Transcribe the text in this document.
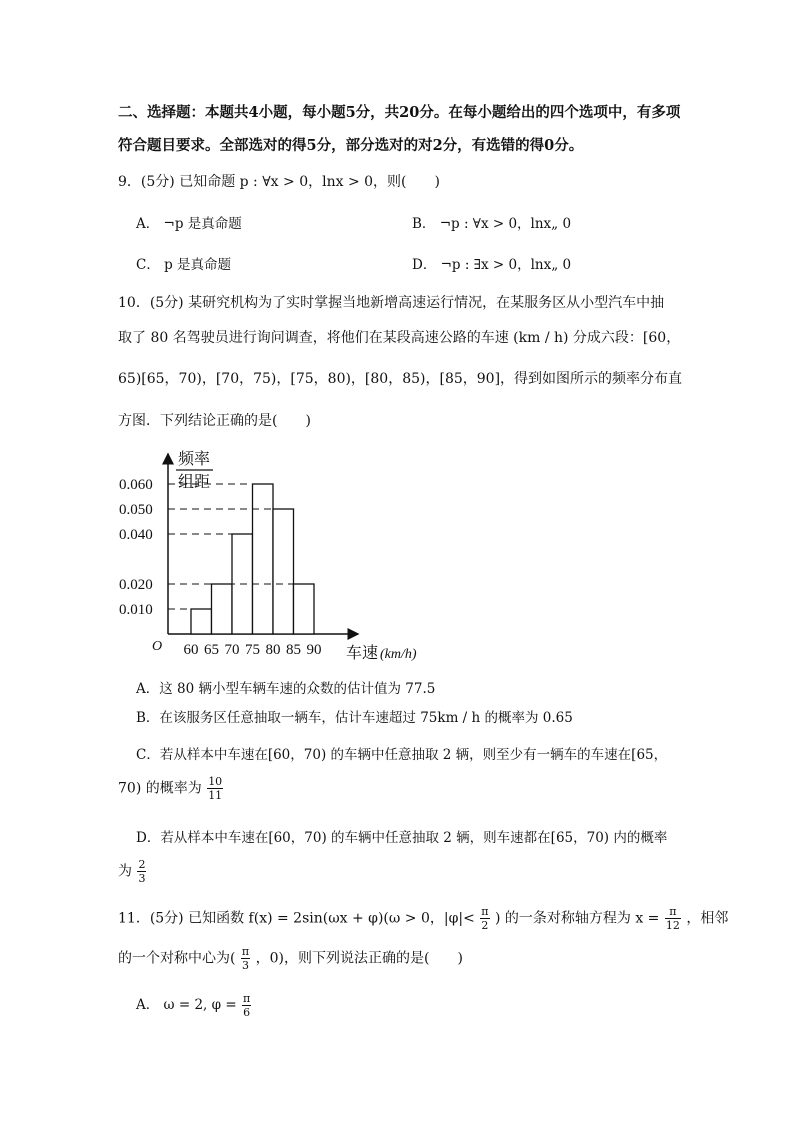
二、选择题：本题共4小题，每小题5分，共20分。在每小题给出的四个选项中，有多项
符合题目要求。全部选对的得5分，部分选对的对2分，有选错的得0分。
9．(5分) 已知命题 p : ∀x > 0，lnx > 0，则(　　)
A． ¬p 是真命题	B． ¬p : ∀x > 0，lnx„ 0
C． p 是真命题	D． ¬p : ∃x > 0，lnx„ 0
10．(5分) 某研究机构为了实时掌握当地新增高速运行情况，在某服务区从小型汽车中抽
取了 80 名驾驶员进行询问调查，将他们在某段高速公路的车速 (km / h) 分成六段：[60，
65)[65，70)，[70，75)，[75，80)，[80，85)，[85，90]，得到如图所示的频率分布直
方图．下列结论正确的是(　　)
0.010
0.020
0.040
0.050
0.060
60 65 70 75 80 85 90
频率
组距
O	车速 (km/h)
A．这 80 辆小型车辆车速的众数的估计值为 77.5
B．在该服务区任意抽取一辆车，估计车速超过 75km / h 的概率为 0.65
C．若从样本中车速在[60，70) 的车辆中任意抽取 2 辆，则至少有一辆车的车速在[65，
70) 的概率为 $\frac{10}{11}$
D．若从样本中车速在[60，70) 的车辆中任意抽取 2 辆，则车速都在[65，70) 内的概率
为 $\frac{2}{3}$
11．(5分) 已知函数 f(x) = 2sin(ωx + φ)(ω > 0，$|\varphi|< \frac{\pi}{2}$ ) 的一条对称轴方程为 $x = \frac{\pi}{12}$ ，相邻
的一个对称中心为( $\frac{\pi}{3}$ ，0)，则下列说法正确的是(　　)
A． ω = 2, $\varphi = \frac{\pi}{6}$
